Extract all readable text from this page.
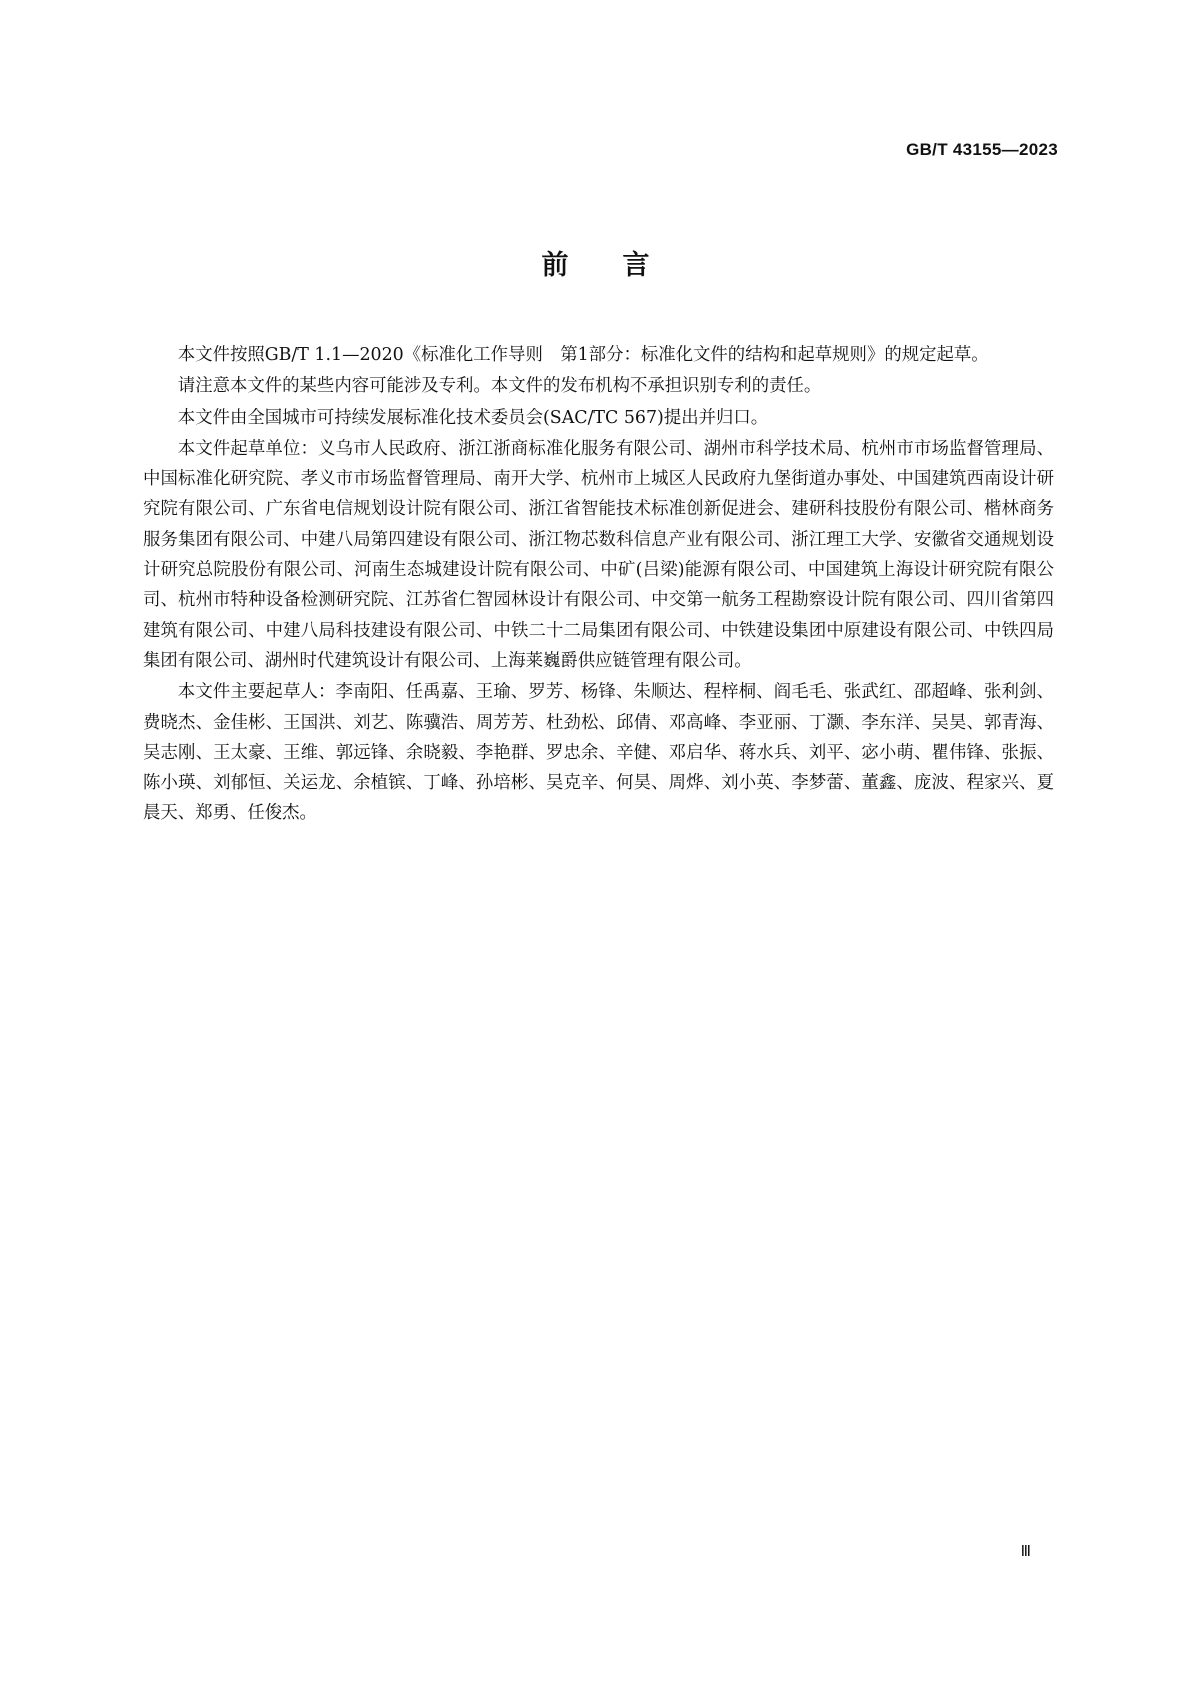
GB/T 43155—2023
前 言

本文件按照GB/T 1.1—2020《标准化工作导则　第1部分：标准化文件的结构和起草规则》的规定起草。

请注意本文件的某些内容可能涉及专利。本文件的发布机构不承担识别专利的责任。

本文件由全国城市可持续发展标准化技术委员会(SAC/TC 567)提出并归口。

本文件起草单位：义乌市人民政府、浙江浙商标准化服务有限公司、湖州市科学技术局、杭州市市场监督管理局、中国标准化研究院、孝义市市场监督管理局、南开大学、杭州市上城区人民政府九堡街道办事处、中国建筑西南设计研究院有限公司、广东省电信规划设计院有限公司、浙江省智能技术标准创新促进会、建研科技股份有限公司、楷林商务服务集团有限公司、中建八局第四建设有限公司、浙江物芯数科信息产业有限公司、浙江理工大学、安徽省交通规划设计研究总院股份有限公司、河南生态城建设计院有限公司、中矿(吕梁)能源有限公司、中国建筑上海设计研究院有限公司、杭州市特种设备检测研究院、江苏省仁智园林设计有限公司、中交第一航务工程勘察设计院有限公司、四川省第四建筑有限公司、中建八局科技建设有限公司、中铁二十二局集团有限公司、中铁建设集团中原建设有限公司、中铁四局集团有限公司、湖州时代建筑设计有限公司、上海莱巍爵供应链管理有限公司。

本文件主要起草人：李南阳、任禹嘉、王瑜、罗芳、杨锋、朱顺达、程梓桐、阎毛毛、张武红、邵超峰、张利剑、费晓杰、金佳彬、王国洪、刘艺、陈骥浩、周芳芳、杜劲松、邱倩、邓高峰、李亚丽、丁灏、李东洋、吴昊、郭青海、吴志刚、王太豪、王维、郭远锋、余晓毅、李艳群、罗忠余、辛健、邓启华、蒋水兵、刘平、宓小萌、瞿伟锋、张振、陈小瑛、刘郁恒、关运龙、余植镔、丁峰、孙培彬、吴克辛、何昊、周烨、刘小英、李梦蕾、董鑫、庞波、程家兴、夏晨天、郑勇、任俊杰。

Ⅲ
